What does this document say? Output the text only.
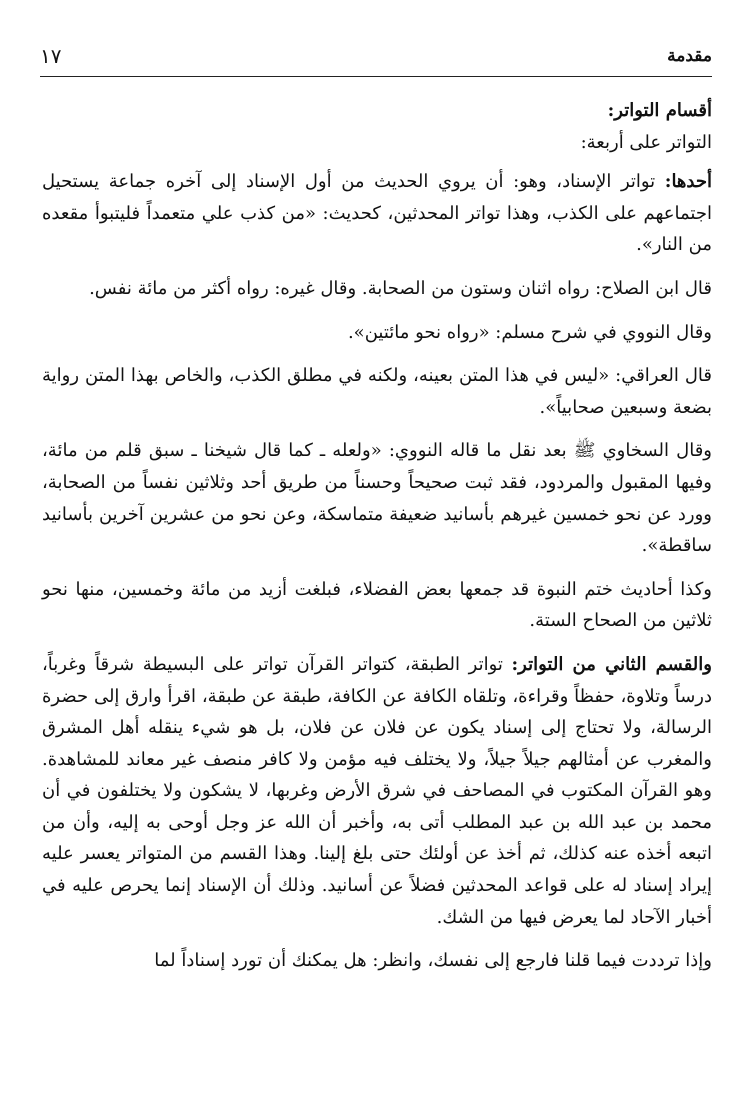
مقدمة
١٧

أقسام التواتر:

التواتر على أربعة:

أحدها: تواتر الإسناد، وهو: أن يروي الحديث من أول الإسناد إلى آخره جماعة يستحيل اجتماعهم على الكذب، وهذا تواتر المحدثين، كحديث: «من كذب علي متعمداً فليتبوأ مقعده من النار».

قال ابن الصلاح: رواه اثنان وستون من الصحابة. وقال غيره: رواه أكثر من مائة نفس.

وقال النووي في شرح مسلم: «رواه نحو مائتين».

قال العراقي: «ليس في هذا المتن بعينه، ولكنه في مطلق الكذب، والخاص بهذا المتن رواية بضعة وسبعين صحابياً».

وقال السخاوي ﷺ بعد نقل ما قاله النووي: «ولعله ـ كما قال شيخنا ـ سبق قلم من مائة، وفيها المقبول والمردود، فقد ثبت صحيحاً وحسناً من طريق أحد وثلاثين نفساً من الصحابة، وورد عن نحو خمسين غيرهم بأسانيد ضعيفة متماسكة، وعن نحو من عشرين آخرين بأسانيد ساقطة».

وكذا أحاديث ختم النبوة قد جمعها بعض الفضلاء، فبلغت أزيد من مائة وخمسين، منها نحو ثلاثين من الصحاح الستة.

والقسم الثاني من التواتر: تواتر الطبقة، كتواتر القرآن تواتر على البسيطة شرقاً وغرباً، درساً وتلاوة، حفظاً وقراءة، وتلقاه الكافة عن الكافة، طبقة عن طبقة، اقرأ وارق إلى حضرة الرسالة، ولا تحتاج إلى إسناد يكون عن فلان عن فلان، بل هو شيء ينقله أهل المشرق والمغرب عن أمثالهم جيلاً جيلاً، ولا يختلف فيه مؤمن ولا كافر منصف غير معاند للمشاهدة. وهو القرآن المكتوب في المصاحف في شرق الأرض وغربها، لا يشكون ولا يختلفون في أن محمد بن عبد الله بن عبد المطلب أتى به، وأخبر أن الله عز وجل أوحى به إليه، وأن من اتبعه أخذه عنه كذلك، ثم أخذ عن أولئك حتى بلغ إلينا. وهذا القسم من المتواتر يعسر عليه إيراد إسناد له على قواعد المحدثين فضلاً عن أسانيد. وذلك أن الإسناد إنما يحرص عليه في أخبار الآحاد لما يعرض فيها من الشك.

وإذا ترددت فيما قلنا فارجع إلى نفسك، وانظر: هل يمكنك أن تورد إسناداً لما
